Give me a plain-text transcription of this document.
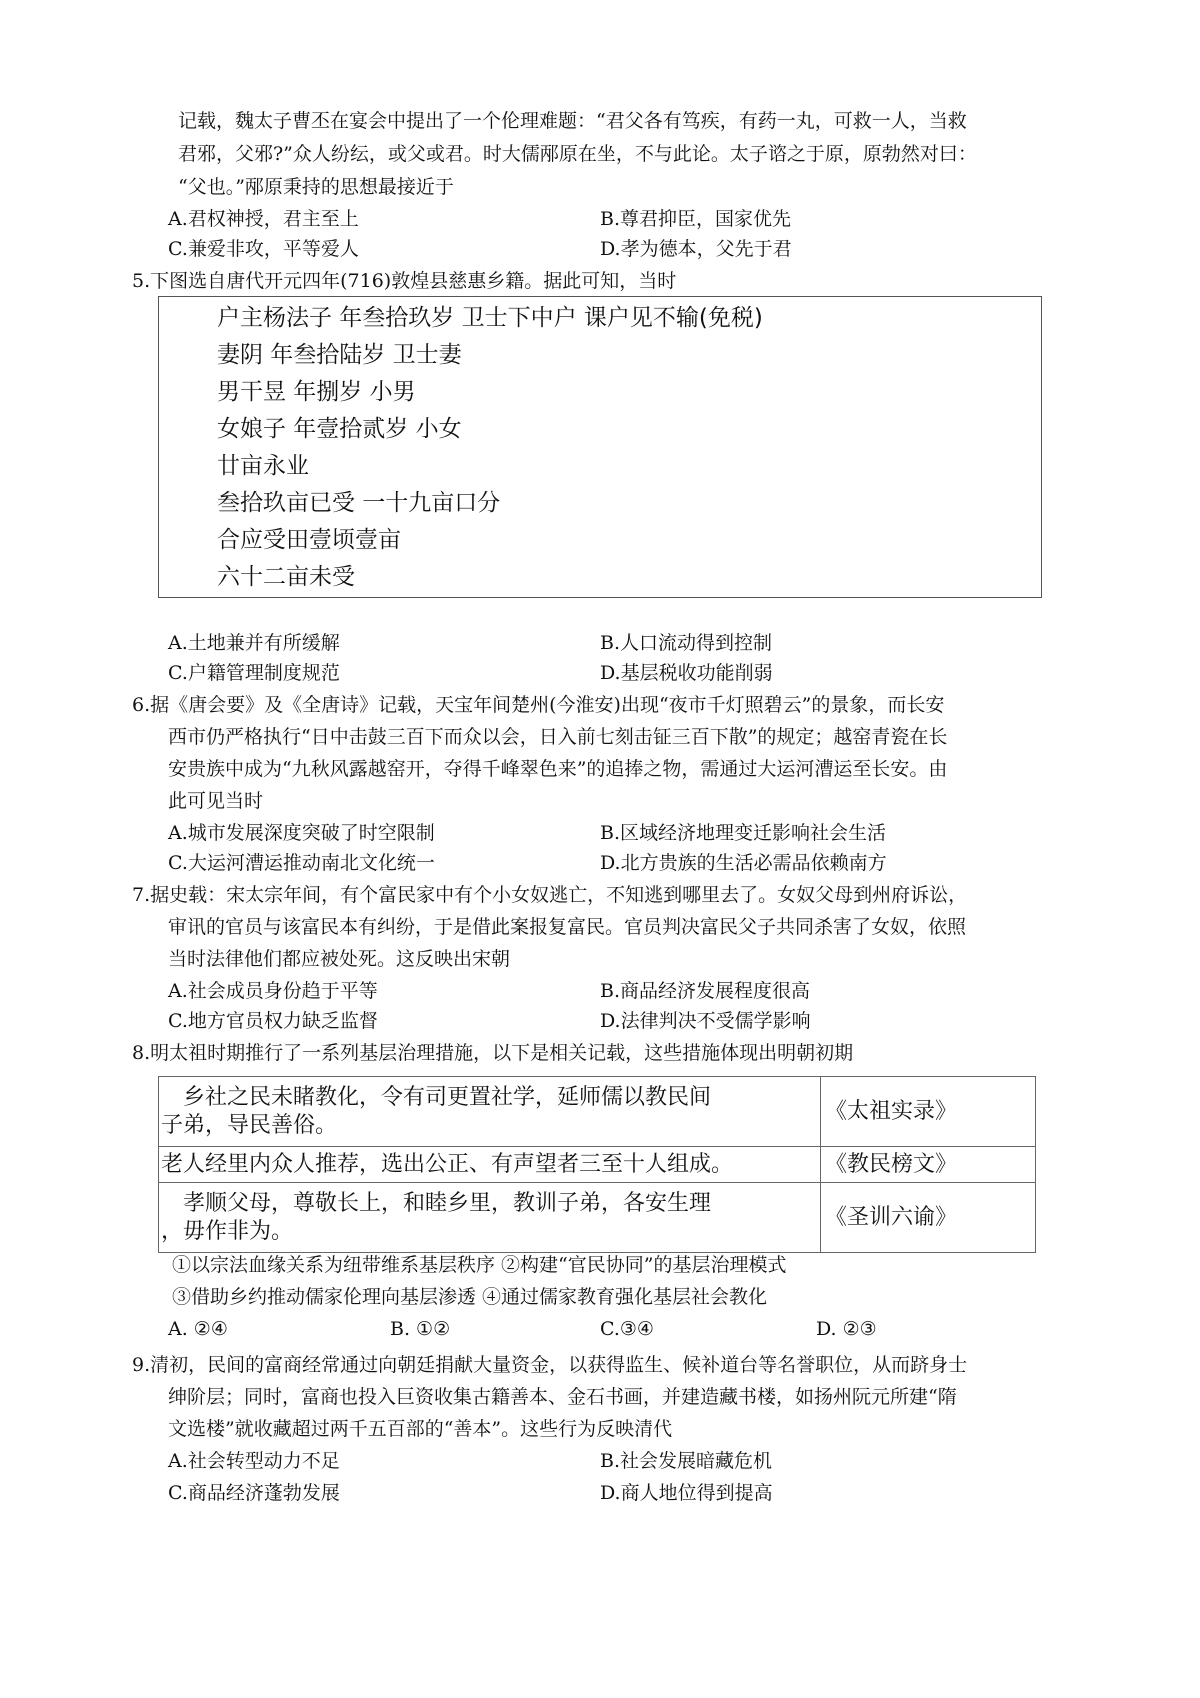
记载，魏太子曹丕在宴会中提出了一个伦理难题：“君父各有笃疾，有药一丸，可救一人，当救
君邪，父邪?”众人纷纭，或父或君。时大儒邴原在坐，不与此论。太子谘之于原，原勃然对曰：
“父也。”邴原秉持的思想最接近于
A.君权神授，君主至上	B.尊君抑臣，国家优先
C.兼爱非攻，平等爱人	D.孝为德本，父先于君
5.下图选自唐代开元四年(716)敦煌县慈惠乡籍。据此可知，当时
户主杨法子 年叁拾玖岁 卫士下中户 课户见不输(免税)
妻阴 年叁拾陆岁 卫士妻
男干昱 年捌岁 小男
女娘子 年壹拾贰岁 小女
廿亩永业
叁拾玖亩已受 一十九亩口分
合应受田壹顷壹亩
六十二亩未受
A.土地兼并有所缓解	B.人口流动得到控制
C.户籍管理制度规范	D.基层税收功能削弱
6.据《唐会要》及《全唐诗》记载，天宝年间楚州(今淮安)出现“夜市千灯照碧云”的景象，而长安
西市仍严格执行“日中击鼓三百下而众以会，日入前七刻击钲三百下散”的规定；越窑青瓷在长
安贵族中成为“九秋风露越窑开，夺得千峰翠色来”的追捧之物，需通过大运河漕运至长安。由
此可见当时
A.城市发展深度突破了时空限制	B.区域经济地理变迁影响社会生活
C.大运河漕运推动南北文化统一	D.北方贵族的生活必需品依赖南方
7.据史载：宋太宗年间，有个富民家中有个小女奴逃亡，不知逃到哪里去了。女奴父母到州府诉讼，
审讯的官员与该富民本有纠纷，于是借此案报复富民。官员判决富民父子共同杀害了女奴，依照
当时法律他们都应被处死。这反映出宋朝
A.社会成员身份趋于平等	B.商品经济发展程度很高
C.地方官员权力缺乏监督	D.法律判决不受儒学影响
8.明太祖时期推行了一系列基层治理措施，以下是相关记载，这些措施体现出明朝初期
　乡社之民未睹教化，令有司更置社学，延师儒以教民间
子弟，导民善俗。	《太祖实录》

老人经里内众人推荐，选出公正、有声望者三至十人组成。	《教民榜文》

　孝顺父母，尊敬长上，和睦乡里，教训子弟，各安生理
，毋作非为。	《圣训六谕》
①以宗法血缘关系为纽带维系基层秩序 ②构建“官民协同”的基层治理模式
③借助乡约推动儒家伦理向基层渗透 ④通过儒家教育强化基层社会教化
A. ②④	B. ①②	C.③④	D. ②③
9.清初，民间的富商经常通过向朝廷捐献大量资金，以获得监生、候补道台等名誉职位，从而跻身士
绅阶层；同时，富商也投入巨资收集古籍善本、金石书画，并建造藏书楼，如扬州阮元所建“隋
文选楼”就收藏超过两千五百部的“善本”。这些行为反映清代
A.社会转型动力不足	B.社会发展暗藏危机
C.商品经济蓬勃发展	D.商人地位得到提高
